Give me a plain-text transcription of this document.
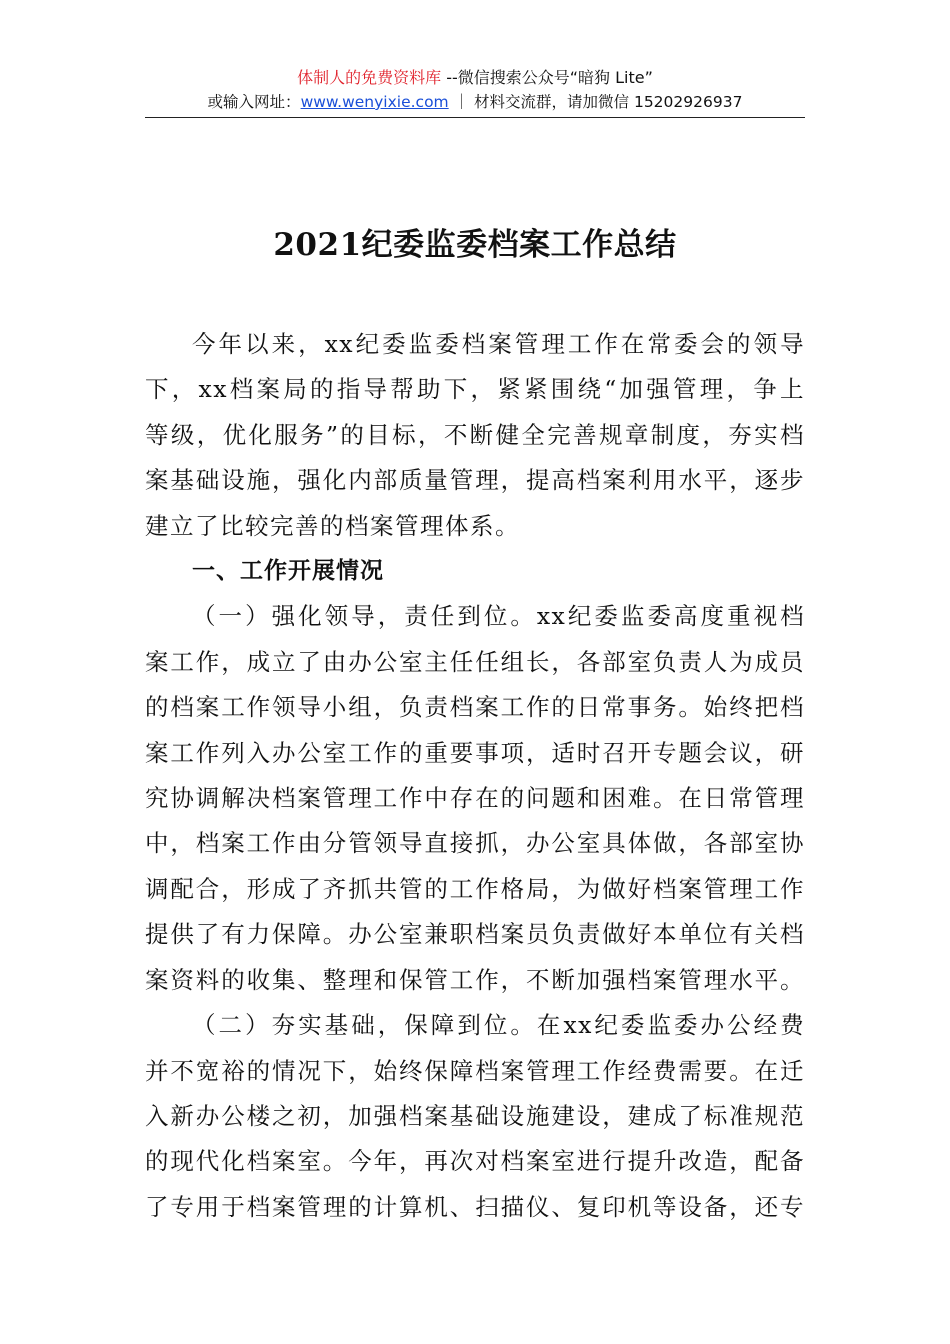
体制人的免费资料库 --微信搜索公众号“暗狗 Lite”
或输入网址：www.wenyixie.com ｜ 材料交流群，请加微信 15202926937
2021纪委监委档案工作总结
今年以来，xx纪委监委档案管理工作在常委会的领导
下，xx档案局的指导帮助下，紧紧围绕“加强管理，争上
等级，优化服务”的目标，不断健全完善规章制度，夯实档
案基础设施，强化内部质量管理，提高档案利用水平，逐步
建立了比较完善的档案管理体系。
一、工作开展情况
（一）强化领导，责任到位。xx纪委监委高度重视档
案工作，成立了由办公室主任任组长，各部室负责人为成员
的档案工作领导小组，负责档案工作的日常事务。始终把档
案工作列入办公室工作的重要事项，适时召开专题会议，研
究协调解决档案管理工作中存在的问题和困难。在日常管理
中，档案工作由分管领导直接抓，办公室具体做，各部室协
调配合，形成了齐抓共管的工作格局，为做好档案管理工作
提供了有力保障。办公室兼职档案员负责做好本单位有关档
案资料的收集、整理和保管工作，不断加强档案管理水平。
（二）夯实基础，保障到位。在xx纪委监委办公经费
并不宽裕的情况下，始终保障档案管理工作经费需要。在迁
入新办公楼之初，加强档案基础设施建设，建成了标准规范
的现代化档案室。今年，再次对档案室进行提升改造，配备
了专用于档案管理的计算机、扫描仪、复印机等设备，还专
